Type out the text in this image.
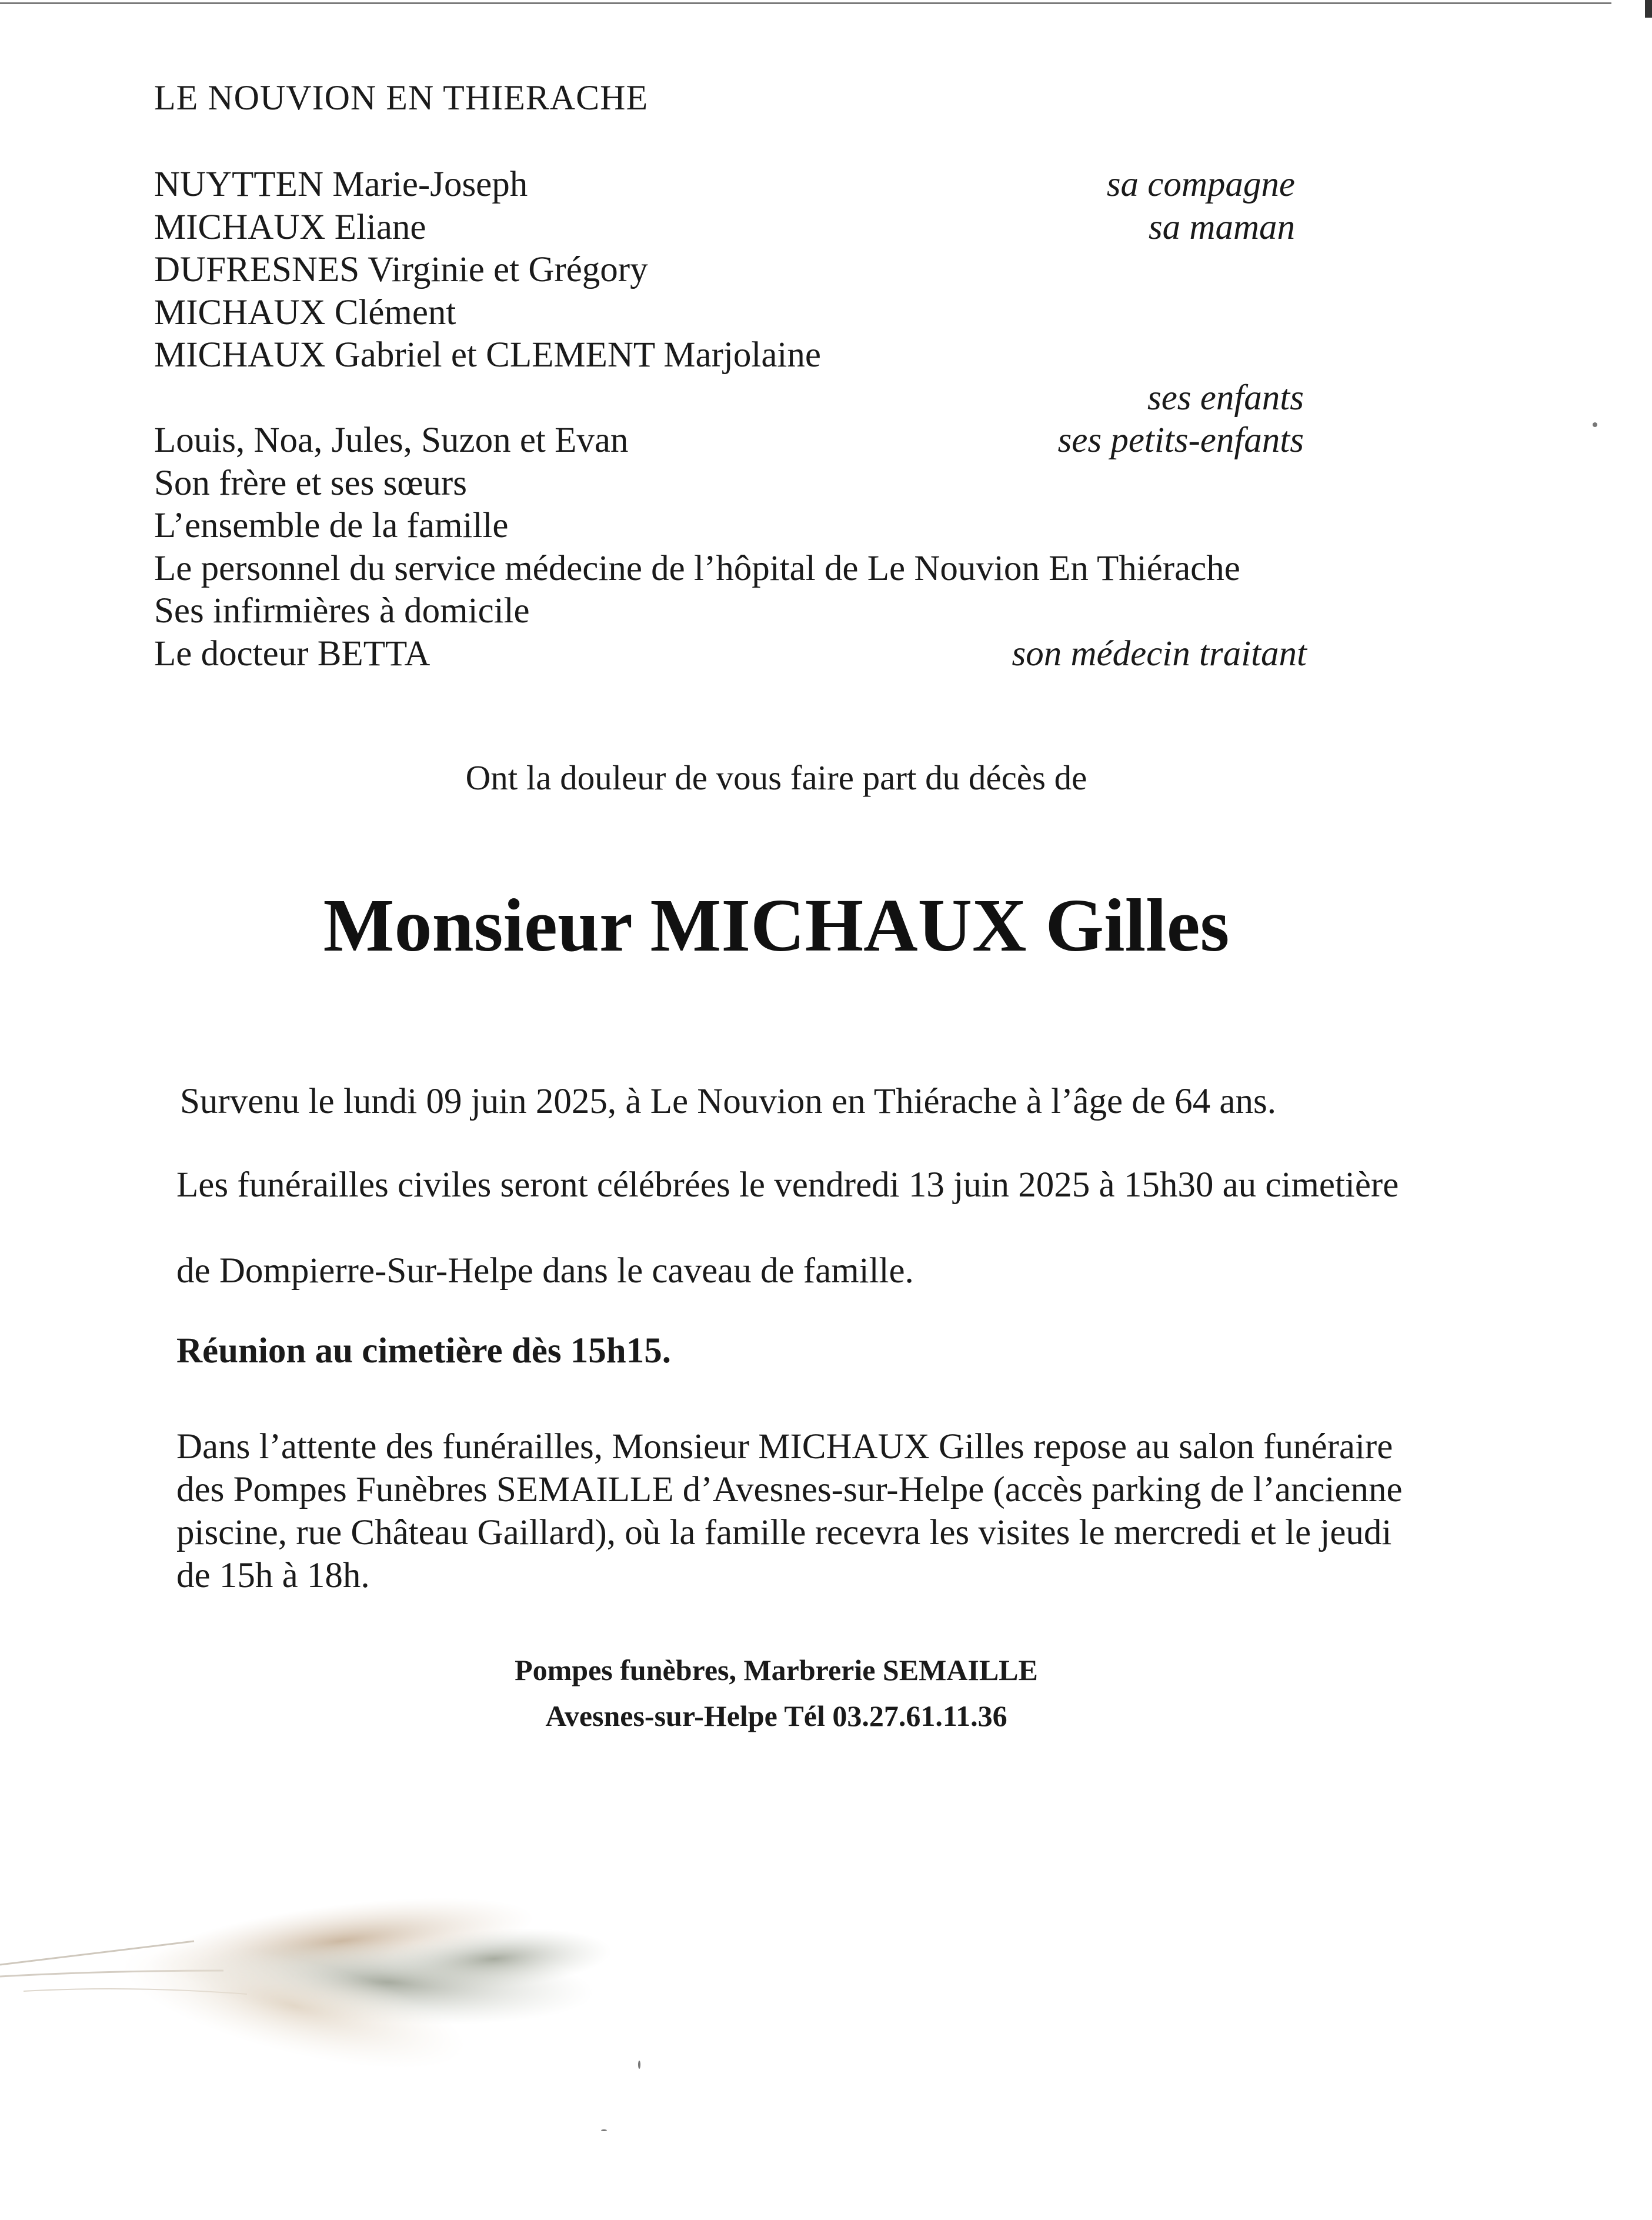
LE NOUVION EN THIERACHE
NUYTTEN Marie-Joseph	sa compagne
MICHAUX Eliane	sa maman
DUFRESNES Virginie et Grégory
MICHAUX Clément
MICHAUX Gabriel et CLEMENT Marjolaine
ses enfants
Louis, Noa, Jules, Suzon et Evan	ses petits-enfants
Son frère et ses sœurs
L’ensemble de la famille
Le personnel du service médecine de l’hôpital de Le Nouvion En Thiérache
Ses infirmières à domicile
Le docteur BETTA	son médecin traitant
Ont la douleur de vous faire part du décès de
Monsieur MICHAUX Gilles
Survenu le lundi 09 juin 2025, à Le Nouvion en Thiérache à l’âge de 64 ans.
Les funérailles civiles seront célébrées le vendredi 13 juin 2025 à 15h30 au cimetière
de Dompierre-Sur-Helpe dans le caveau de famille.
Réunion au cimetière dès 15h15.
Dans l’attente des funérailles, Monsieur MICHAUX Gilles repose au salon funéraire
des Pompes Funèbres SEMAILLE d’Avesnes-sur-Helpe (accès parking de l’ancienne
piscine, rue Château Gaillard), où la famille recevra les visites le mercredi et le jeudi
de 15h à 18h.
Pompes funèbres, Marbrerie SEMAILLE
Avesnes-sur-Helpe Tél 03.27.61.11.36
